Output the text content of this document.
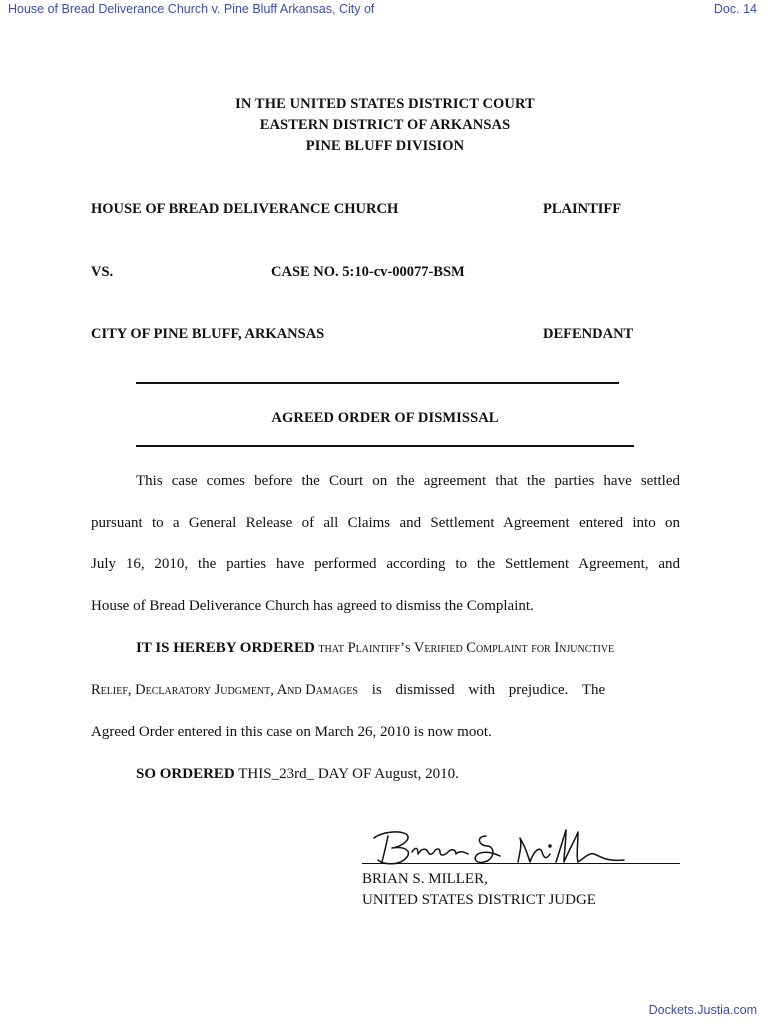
House of Bread Deliverance Church v. Pine Bluff Arkansas, City of	Doc. 14
IN THE UNITED STATES DISTRICT COURT
EASTERN DISTRICT OF ARKANSAS
PINE BLUFF DIVISION
HOUSE OF BREAD DELIVERANCE CHURCH	PLAINTIFF
VS.	CASE NO. 5:10-cv-00077-BSM
CITY OF PINE BLUFF, ARKANSAS	DEFENDANT
AGREED ORDER OF DISMISSAL
This case comes before the Court on the agreement that the parties have settled
pursuant to a General Release of all Claims and Settlement Agreement entered into on
July 16, 2010, the parties have performed according to the Settlement Agreement, and
House of Bread Deliverance Church has agreed to dismiss the Complaint.
IT IS HEREBY ORDERED that Plaintiff’s Verified Complaint for Injunctive
Relief, Declaratory Judgment, And Damages is dismissed with prejudice. The
Agreed Order entered in this case on March 26, 2010 is now moot.
SO ORDERED THIS_23rd_ DAY OF August, 2010.
BRIAN S. MILLER,
UNITED STATES DISTRICT JUDGE
Dockets.Justia.com
